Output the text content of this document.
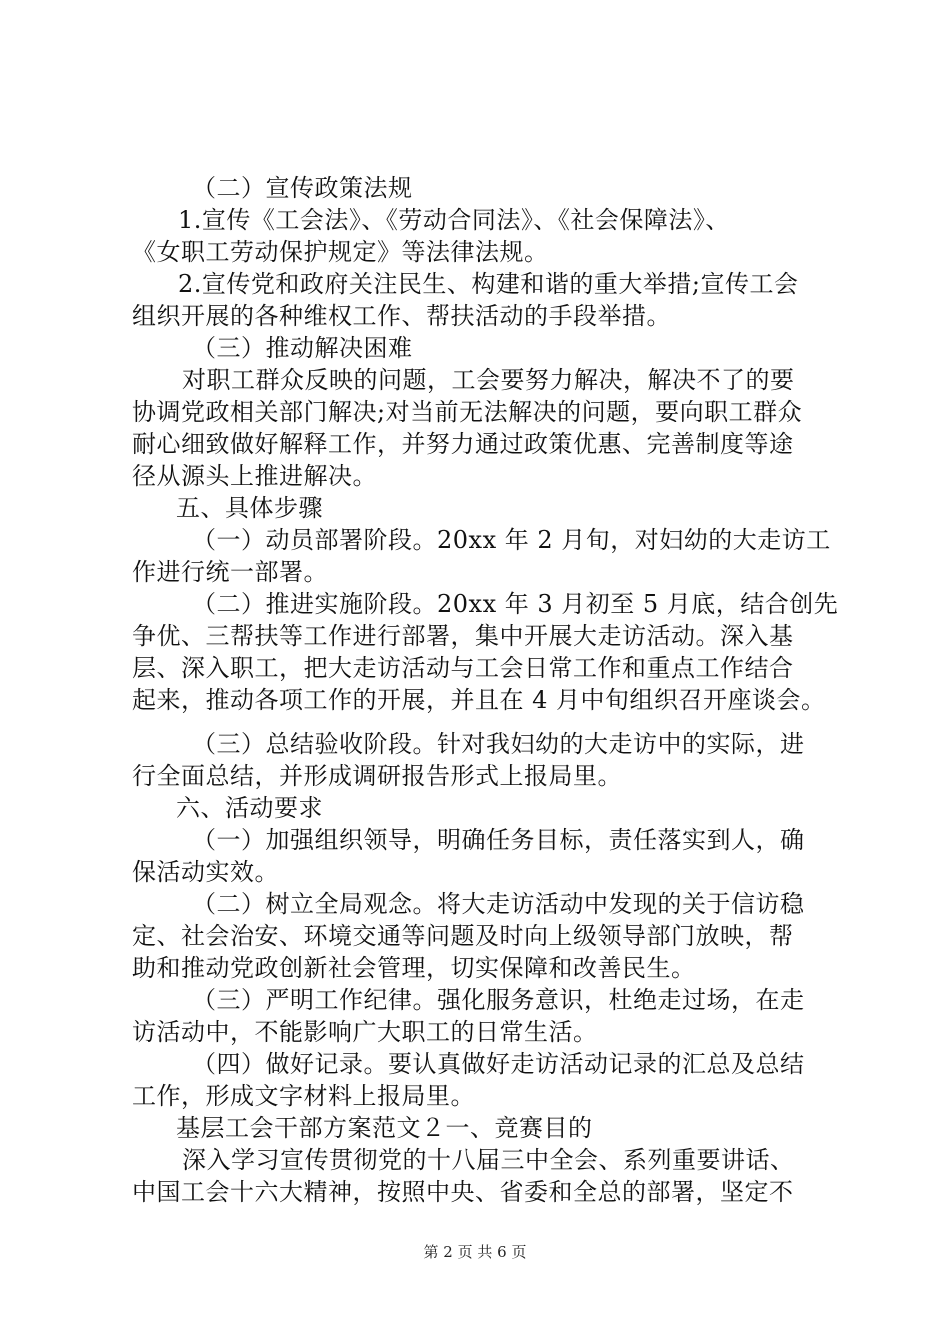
（二）宣传政策法规
1.宣传《工会法》、《劳动合同法》、《社会保障法》、
《女职工劳动保护规定》等法律法规。
2.宣传党和政府关注民生、构建和谐的重大举措;宣传工会
组织开展的各种维权工作、帮扶活动的手段举措。
（三）推动解决困难
对职工群众反映的问题，工会要努力解决，解决不了的要
协调党政相关部门解决;对当前无法解决的问题，要向职工群众
耐心细致做好解释工作，并努力通过政策优惠、完善制度等途
径从源头上推进解决。
五、具体步骤
（一）动员部署阶段。20xx 年 2 月旬，对妇幼的大走访工
作进行统一部署。
（二）推进实施阶段。20xx 年 3 月初至 5 月底，结合创先
争优、三帮扶等工作进行部署，集中开展大走访活动。深入基
层、深入职工，把大走访活动与工会日常工作和重点工作结合
起来，推动各项工作的开展，并且在 4 月中旬组织召开座谈会。
（三）总结验收阶段。针对我妇幼的大走访中的实际，进
行全面总结，并形成调研报告形式上报局里。
六、活动要求
（一）加强组织领导，明确任务目标，责任落实到人，确
保活动实效。
（二）树立全局观念。将大走访活动中发现的关于信访稳
定、社会治安、环境交通等问题及时向上级领导部门放映，帮
助和推动党政创新社会管理，切实保障和改善民生。
（三）严明工作纪律。强化服务意识，杜绝走过场，在走
访活动中，不能影响广大职工的日常生活。
（四）做好记录。要认真做好走访活动记录的汇总及总结
工作，形成文字材料上报局里。
基层工会干部方案范文２一、竞赛目的
深入学习宣传贯彻党的十八届三中全会、系列重要讲话、
中国工会十六大精神，按照中央、省委和全总的部署，坚定不
第 2 页 共 6 页
